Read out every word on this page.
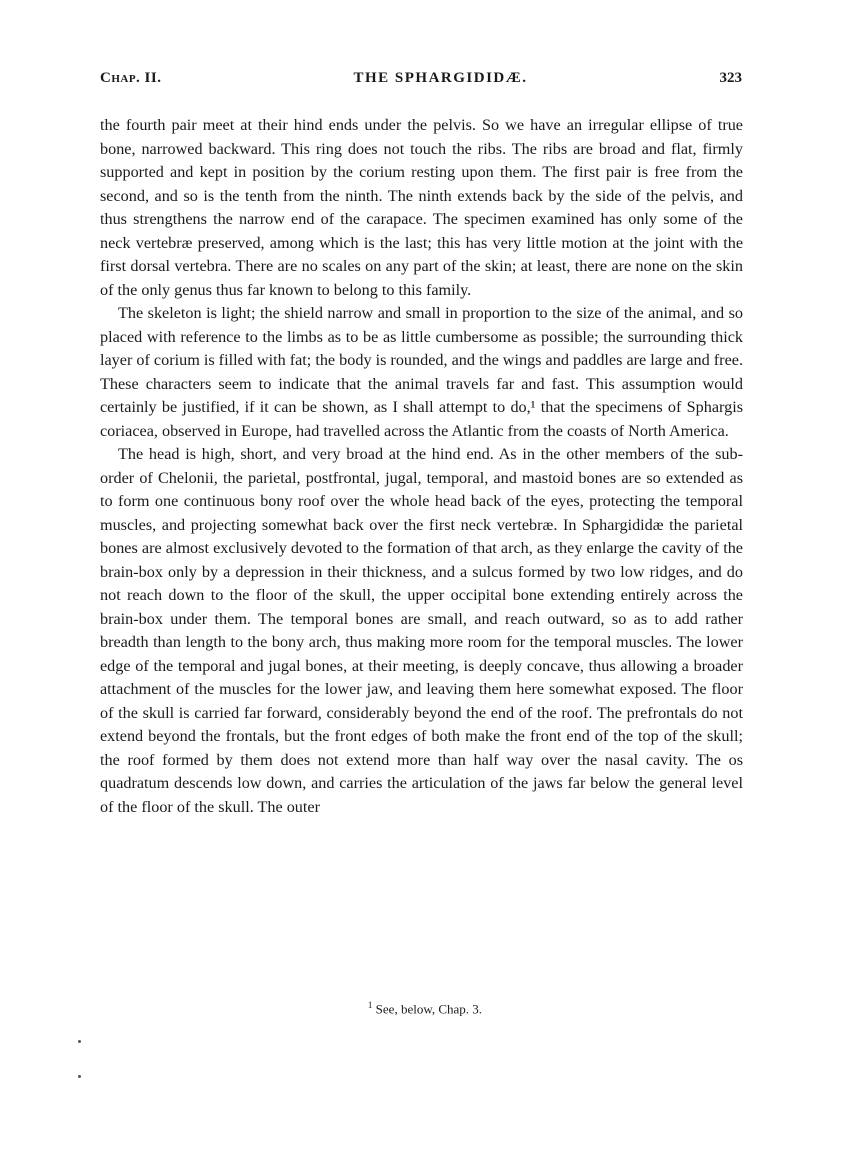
Chap. II.	THE SPHARGIDIDÆ.	323

the fourth pair meet at their hind ends under the pelvis. So we have an irregular ellipse of true bone, narrowed backward. This ring does not touch the ribs. The ribs are broad and flat, firmly supported and kept in position by the corium resting upon them. The first pair is free from the second, and so is the tenth from the ninth. The ninth extends back by the side of the pelvis, and thus strengthens the narrow end of the carapace. The specimen examined has only some of the neck vertebræ preserved, among which is the last; this has very little motion at the joint with the first dorsal vertebra. There are no scales on any part of the skin; at least, there are none on the skin of the only genus thus far known to belong to this family.

The skeleton is light; the shield narrow and small in proportion to the size of the animal, and so placed with reference to the limbs as to be as little cumbersome as possible; the surrounding thick layer of corium is filled with fat; the body is rounded, and the wings and paddles are large and free. These characters seem to indicate that the animal travels far and fast. This assumption would certainly be justified, if it can be shown, as I shall attempt to do,¹ that the specimens of Sphargis coriacea, observed in Europe, had travelled across the Atlantic from the coasts of North America.

The head is high, short, and very broad at the hind end. As in the other members of the sub-order of Chelonii, the parietal, postfrontal, jugal, temporal, and mastoid bones are so extended as to form one continuous bony roof over the whole head back of the eyes, protecting the temporal muscles, and projecting somewhat back over the first neck vertebræ. In Sphargididæ the parietal bones are almost exclusively devoted to the formation of that arch, as they enlarge the cavity of the brain-box only by a depression in their thickness, and a sulcus formed by two low ridges, and do not reach down to the floor of the skull, the upper occipital bone extending entirely across the brain-box under them. The temporal bones are small, and reach outward, so as to add rather breadth than length to the bony arch, thus making more room for the temporal muscles. The lower edge of the temporal and jugal bones, at their meeting, is deeply concave, thus allowing a broader attachment of the muscles for the lower jaw, and leaving them here somewhat exposed. The floor of the skull is carried far forward, considerably beyond the end of the roof. The prefrontals do not extend beyond the frontals, but the front edges of both make the front end of the top of the skull; the roof formed by them does not extend more than half way over the nasal cavity. The os quadratum descends low down, and carries the articulation of the jaws far below the general level of the floor of the skull. The outer

$^1$ See, below, Chap. 3.
